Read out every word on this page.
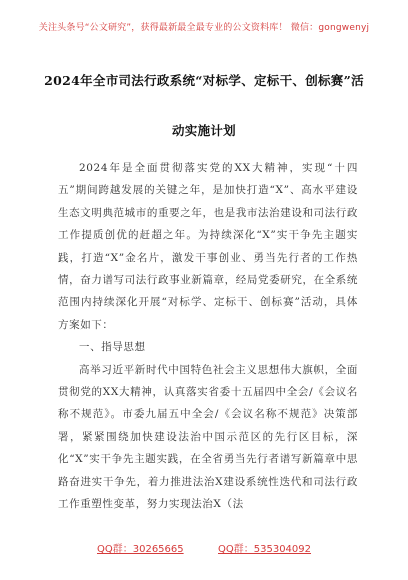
关注头条号“公文研究”，获得最新最全最专业的公文资料库！ 微信：gongwenyj
2024年全市司法行政系统“对标学、定标干、创标赛”活
动实施计划

2024年是全面贯彻落实党的XX大精神，实现“十四五”期间跨越发展的关键之年，是加快打造“X”、高水平建设生态文明典范城市的重要之年，也是我市法治建设和司法行政工作提质创优的赶超之年。为持续深化“X”实干争先主题实践，打造“X”金名片，激发干事创业、勇当先行者的工作热情，奋力谱写司法行政事业新篇章，经局党委研究，在全系统范围内持续深化开展“对标学、定标干、创标赛”活动，具体方案如下：

一、指导思想

高举习近平新时代中国特色社会主义思想伟大旗帜，全面贯彻党的XX大精神，认真落实省委十五届四中全会/《会议名称不规范》。市委九届五中全会/《会议名称不规范》决策部署，紧紧围绕加快建设法治中国示范区的先行区目标，深化“X”实干争先主题实践，在全省勇当先行者谱写新篇章中思路奋进实干争先，着力推进法治X建设系统性迭代和司法行政工作重塑性变革，努力实现法治X（法

QQ群：30265665	QQ群：535304092
